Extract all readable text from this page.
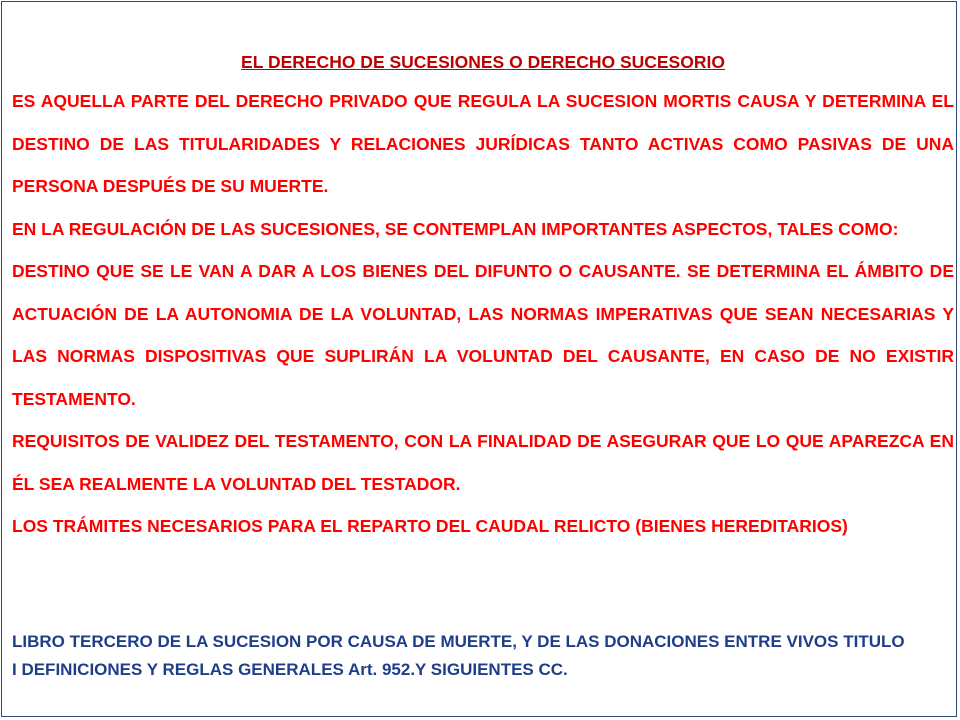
EL DERECHO DE SUCESIONES O DERECHO SUCESORIO

ES AQUELLA PARTE DEL DERECHO PRIVADO QUE REGULA LA SUCESION MORTIS CAUSA Y DETERMINA EL DESTINO DE LAS TITULARIDADES Y RELACIONES JURÍDICAS TANTO ACTIVAS COMO PASIVAS DE UNA PERSONA DESPUÉS DE SU MUERTE.

EN LA REGULACIÓN DE LAS SUCESIONES, SE CONTEMPLAN IMPORTANTES ASPECTOS, TALES COMO:

DESTINO QUE SE LE VAN A DAR A LOS BIENES DEL DIFUNTO O CAUSANTE. SE DETERMINA EL ÁMBITO DE ACTUACIÓN DE LA AUTONOMIA DE LA VOLUNTAD, LAS NORMAS IMPERATIVAS QUE SEAN NECESARIAS Y LAS NORMAS DISPOSITIVAS QUE SUPLIRÁN LA VOLUNTAD DEL CAUSANTE, EN CASO DE NO EXISTIR TESTAMENTO.

REQUISITOS DE VALIDEZ DEL TESTAMENTO, CON LA FINALIDAD DE ASEGURAR QUE LO QUE APAREZCA EN ÉL SEA REALMENTE LA VOLUNTAD DEL TESTADOR.

LOS TRÁMITES NECESARIOS PARA EL REPARTO DEL CAUDAL RELICTO (BIENES HEREDITARIOS)

LIBRO TERCERO DE LA SUCESION POR CAUSA DE MUERTE, Y DE LAS DONACIONES ENTRE VIVOS TITULO I DEFINICIONES Y REGLAS GENERALES Art. 952.Y SIGUIENTES CC.
